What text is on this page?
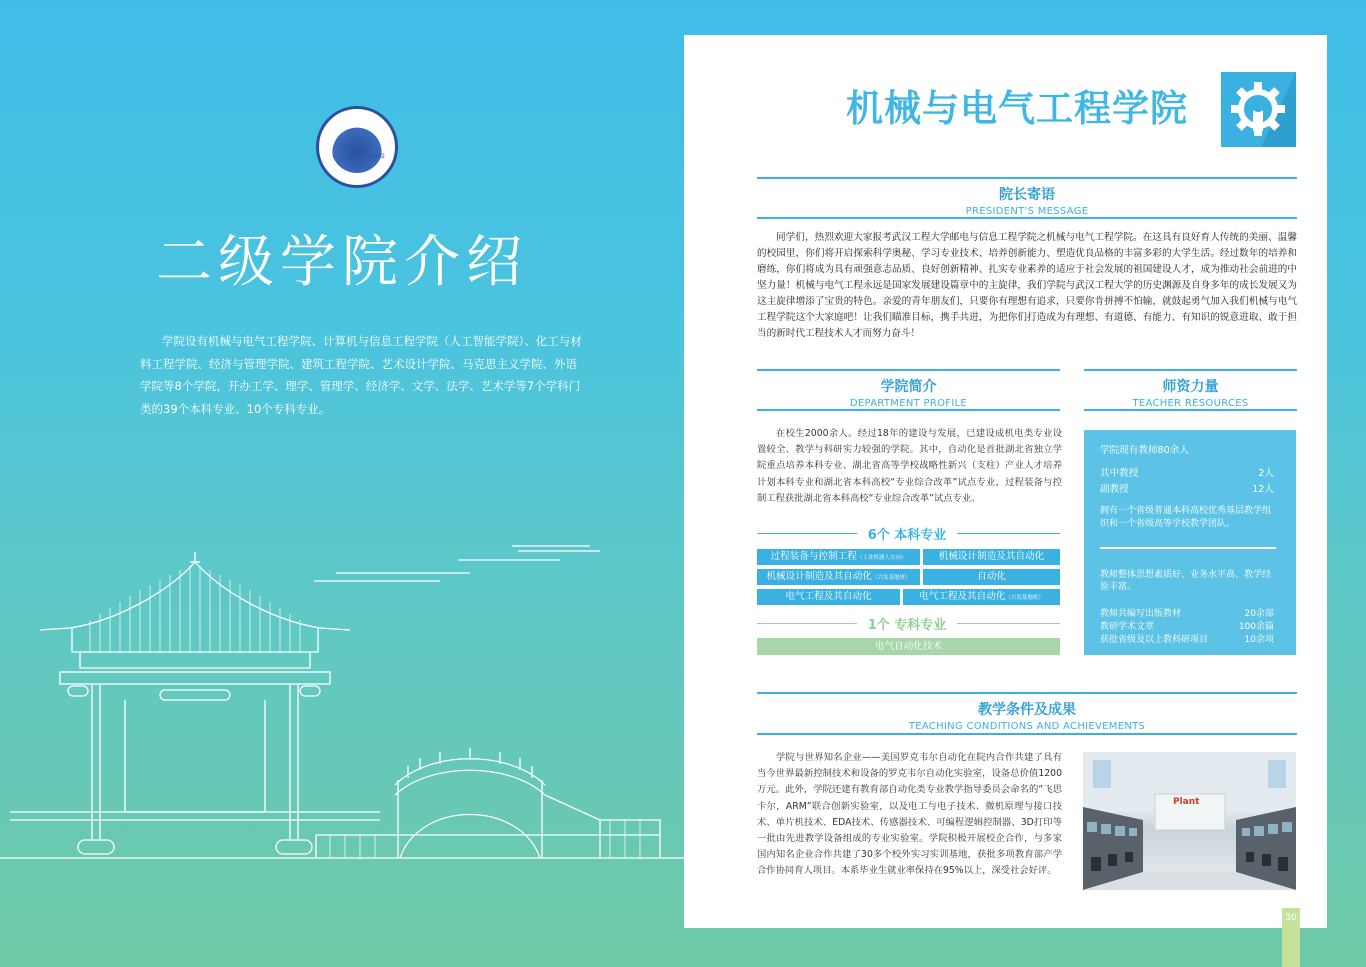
2002
二级学院介绍
学院设有机械与电气工程学院、计算机与信息工程学院（人工智能学院）、化工与材料工程学院、经济与管理学院、建筑工程学院、艺术设计学院、马克思主义学院、外语学院等8个学院，开办工学、理学、管理学、经济学、文学、法学、艺术学等7个学科门类的39个本科专业、10个专科专业。
机械与电气工程学院
院长寄语
PRESIDENT'S MESSAGE
同学们，热烈欢迎大家报考武汉工程大学邮电与信息工程学院之机械与电气工程学院。在这具有良好育人传统的美丽、温馨的校园里，你们将开启探索科学奥秘、学习专业技术、培养创新能力、塑造优良品格的丰富多彩的大学生活。经过数年的培养和磨练，你们将成为具有顽强意志品质、良好创新精神、扎实专业素养的适应于社会发展的祖国建设人才，成为推动社会前进的中坚力量！机械与电气工程永远是国家发展建设篇章中的主旋律，我们学院与武汉工程大学的历史渊源及自身多年的成长发展又为这主旋律增添了宝贵的特色。亲爱的青年朋友们，只要你有理想有追求，只要你肯拼搏不怕输，就鼓起勇气加入我们机械与电气工程学院这个大家庭吧！让我们瞄准目标，携手共进，为把你们打造成为有理想、有道德、有能力、有知识的锐意进取、敢于担当的新时代工程技术人才而努力奋斗！
学院简介
DEPARTMENT PROFILE
在校生2000余人。经过18年的建设与发展，已建设成机电类专业设置较全、教学与科研实力较强的学院。其中，自动化是首批湖北省独立学院重点培养本科专业、湖北省高等学校战略性新兴（支柱）产业人才培养计划本科专业和湖北省本科高校“专业综合改革”试点专业，过程装备与控制工程获批湖北省本科高校“专业综合改革”试点专业。
6个 本科专业
过程装备与控制工程（工业机器人方向）	机械设计制造及其自动化
机械设计制造及其自动化（兴发基地班）	自动化
电气工程及其自动化	电气工程及其自动化（兴发基地班）
1个 专科专业
电气自动化技术
师资力量
TEACHER RESOURCES
学院现有教师80余人
其中教授	2人
副教授	12人
拥有一个省级普通本科高校优秀基层教学组织和一个省级高等学校教学团队。
教师整体思想素质好、业务水平高、教学经验丰富。
教师共编写出版教材	20余部
教研学术文章	100余篇
获批省级及以上教科研项目	10余项
教学条件及成果
TEACHING CONDITIONS AND ACHIEVEMENTS
学院与世界知名企业——美国罗克韦尔自动化在院内合作共建了具有当今世界最新控制技术和设备的罗克韦尔自动化实验室，设备总价值1200万元。此外，学院还建有教育部自动化类专业教学指导委员会命名的“飞思卡尔，ARM”联合创新实验室，以及电工与电子技术、微机原理与接口技术、单片机技术、EDA技术、传感器技术、可编程逻辑控制器、3D打印等一批由先进教学设备组成的专业实验室。学院积极开展校企合作，与多家国内知名企业合作共建了30多个校外实习实训基地，获批多项教育部产学合作协同育人项目。本系毕业生就业率保持在95%以上，深受社会好评。
Plant
30
